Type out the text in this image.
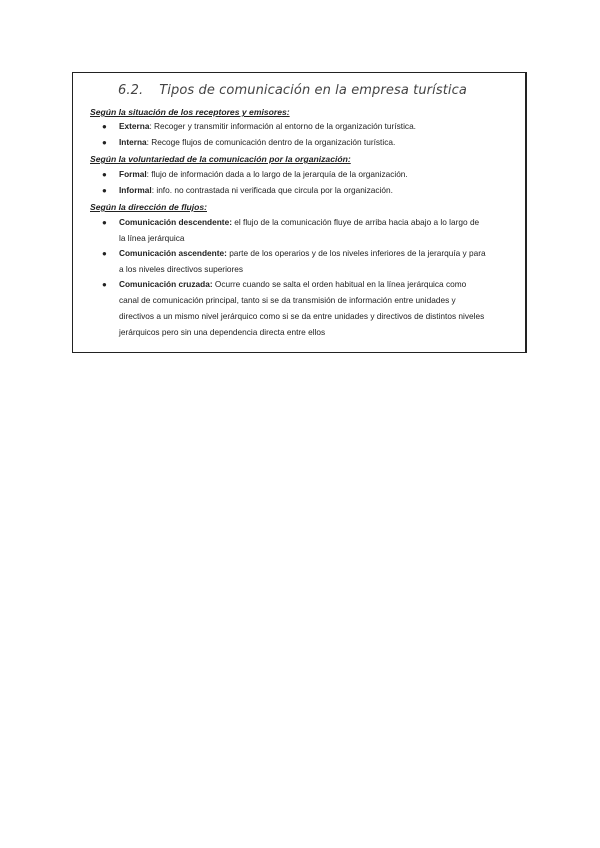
6.2. Tipos de comunicación en la empresa turística
Según la situación de los receptores y emisores:
● Externa: Recoger y transmitir información al entorno de la organización turística.
● Interna: Recoge flujos de comunicación dentro de la organización turística.
Según la voluntariedad de la comunicación por la organización:
● Formal: flujo de información dada a lo largo de la jerarquía de la organización.
● Informal: info. no contrastada ni verificada que circula por la organización.
Según la dirección de flujos:
● Comunicación descendente: el flujo de la comunicación fluye de arriba hacia abajo a lo largo de
la línea jerárquica
● Comunicación ascendente: parte de los operarios y de los niveles inferiores de la jerarquía y para
a los niveles directivos superiores
● Comunicación cruzada: Ocurre cuando se salta el orden habitual en la línea jerárquica como
canal de comunicación principal, tanto si se da transmisión de información entre unidades y
directivos a un mismo nivel jerárquico como si se da entre unidades y directivos de distintos niveles
jerárquicos pero sin una dependencia directa entre ellos
